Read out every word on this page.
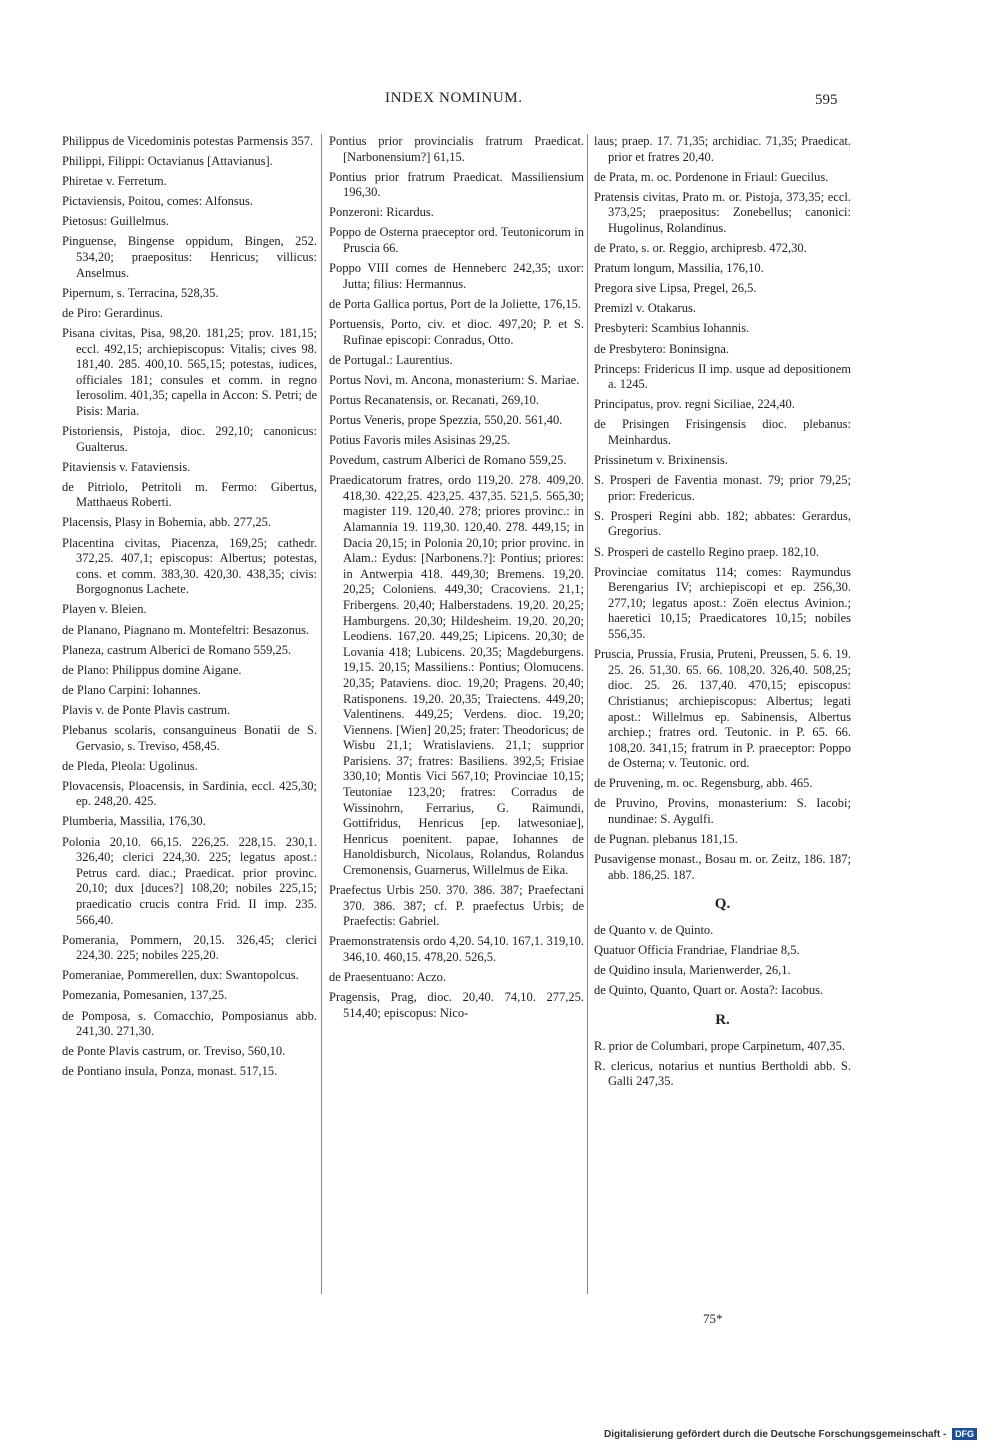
INDEX NOMINUM.	595
Philippus de Vicedominis potestas Parmensis 357.
Philippi, Filippi: Octavianus [Attavianus].
Phiretae v. Ferretum.
Pictaviensis, Poitou, comes: Alfonsus.
Pietosus: Guillelmus.
Pinguense, Bingense oppidum, Bingen, 252. 534,20; praepositus: Henricus; villicus: Anselmus.
Pipernum, s. Terracina, 528,35.
de Piro: Gerardinus.
Pisana civitas, Pisa, 98,20. 181,25; prov. 181,15; eccl. 492,15; archiepiscopus: Vitalis; cives 98. 181,40. 285. 400,10. 565,15; potestas, iudices, officiales 181; consules et comm. in regno Ierosolim. 401,35; capella in Accon: S. Petri; de Pisis: Maria.
Pistoriensis, Pistoja, dioc. 292,10; canonicus: Gualterus.
Pitaviensis v. Fataviensis.
de Pitriolo, Petritoli m. Fermo: Gibertus, Matthaeus Roberti.
Placensis, Plasy in Bohemia, abb. 277,25.
Placentina civitas, Piacenza, 169,25; cathedr. 372,25. 407,1; episcopus: Albertus; potestas, cons. et comm. 383,30. 420,30. 438,35; civis: Borgognonus Lachete.
Playen v. Bleien.
de Planano, Piagnano m. Montefeltri: Besazonus.
Planeza, castrum Alberici de Romano 559,25.
de Plano: Philippus domine Aigane.
de Plano Carpini: Iohannes.
Plavis v. de Ponte Plavis castrum.
Plebanus scolaris, consanguineus Bonatii de S. Gervasio, s. Treviso, 458,45.
de Pleda, Pleola: Ugolinus.
Plovacensis, Ploacensis, in Sardinia, eccl. 425,30; ep. 248,20. 425.
Plumberia, Massilia, 176,30.
Polonia 20,10. 66,15. 226,25. 228,15. 230,1. 326,40; clerici 224,30. 225; legatus apost.: Petrus card. diac.; Praedicat. prior provinc. 20,10; dux [duces?] 108,20; nobiles 225,15; praedicatio crucis contra Frid. II imp. 235. 566,40.
Pomerania, Pommern, 20,15. 326,45; clerici 224,30. 225; nobiles 225,20.
Pomeraniae, Pommerellen, dux: Swantopolcus.
Pomezania, Pomesanien, 137,25.
de Pomposa, s. Comacchio, Pomposianus abb. 241,30. 271,30.
de Ponte Plavis castrum, or. Treviso, 560,10.
de Pontiano insula, Ponza, monast. 517,15.
Pontius prior provincialis fratrum Praedicat. [Narbonensium?] 61,15.
Pontius prior fratrum Praedicat. Massiliensium 196,30.
Ponzeroni: Ricardus.
Poppo de Osterna praeceptor ord. Teutonicorum in Pruscia 66.
Poppo VIII comes de Henneberc 242,35; uxor: Jutta; filius: Hermannus.
de Porta Gallica portus, Port de la Joliette, 176,15.
Portuensis, Porto, civ. et dioc. 497,20; P. et S. Rufinae episcopi: Conradus, Otto.
de Portugal.: Laurentius.
Portus Novi, m. Ancona, monasterium: S. Mariae.
Portus Recanatensis, or. Recanati, 269,10.
Portus Veneris, prope Spezzia, 550,20. 561,40.
Potius Favoris miles Asisinas 29,25.
Povedum, castrum Alberici de Romano 559,25.
Praedicatorum fratres, ordo 119,20. 278. 409,20. 418,30. 422,25. 423,25. 437,35. 521,5. 565,30; magister 119. 120,40. 278; priores provinc.: in Alamannia 19. 119,30. 120,40. 278. 449,15; in Dacia 20,15; in Polonia 20,10; prior provinc. in Alam.: Eydus: [Narbonens.?]: Pontius; priores: in Antwerpia 418. 449,30; Bremens. 19,20. 20,25; Coloniens. 449,30; Cracoviens. 21,1; Fribergens. 20,40; Halberstadens. 19,20. 20,25; Hamburgens. 20,30; Hildesheim. 19,20. 20,20; Leodiens. 167,20. 449,25; Lipicens. 20,30; de Lovania 418; Lubicens. 20,35; Magdeburgens. 19,15. 20,15; Massiliens.: Pontius; Olomucens. 20,35; Pataviens. dioc. 19,20; Pragens. 20,40; Ratisponens. 19,20. 20,35; Traiectens. 449,20; Valentinens. 449,25; Verdens. dioc. 19,20; Viennens. [Wien] 20,25; frater: Theodoricus; de Wisbu 21,1; Wratislaviens. 21,1; supprior Parisiens. 37; fratres: Basiliens. 392,5; Frisiae 330,10; Montis Vici 567,10; Provinciae 10,15; Teutoniae 123,20; fratres: Corradus de Wissinohrn, Ferrarius, G. Raimundi, Gottifridus, Henricus [ep. latwesoniae], Henricus poenitent. papae, Iohannes de Hanoldisburch, Nicolaus, Rolandus, Rolandus Cremonensis, Guarnerus, Willelmus de Eika.
Praefectus Urbis 250. 370. 386. 387; Praefectani 370. 386. 387; cf. P. praefectus Urbis; de Praefectis: Gabriel.
Praemonstratensis ordo 4,20. 54,10. 167,1. 319,10. 346,10. 460,15. 478,20. 526,5.
de Praesentuano: Aczo.
Pragensis, Prag, dioc. 20,40. 74,10. 277,25. 514,40; episcopus: Nico-
laus; praep. 17. 71,35; archidiac. 71,35; Praedicat. prior et fratres 20,40.
de Prata, m. oc. Pordenone in Friaul: Guecilus.
Pratensis civitas, Prato m. or. Pistoja, 373,35; eccl. 373,25; praepositus: Zonebellus; canonici: Hugolinus, Rolandinus.
de Prato, s. or. Reggio, archipresb. 472,30.
Pratum longum, Massilia, 176,10.
Pregora sive Lipsa, Pregel, 26,5.
Premizl v. Otakarus.
Presbyteri: Scambius Iohannis.
de Presbytero: Boninsigna.
Princeps: Fridericus II imp. usque ad depositionem a. 1245.
Principatus, prov. regni Siciliae, 224,40.
de Prisingen Frisingensis dioc. plebanus: Meinhardus.
Prissinetum v. Brixinensis.
S. Prosperi de Faventia monast. 79; prior 79,25; prior: Fredericus.
S. Prosperi Regini abb. 182; abbates: Gerardus, Gregorius.
S. Prosperi de castello Regino praep. 182,10.
Provinciae comitatus 114; comes: Raymundus Berengarius IV; archiepiscopi et ep. 256,30. 277,10; legatus apost.: Zoën electus Avinion.; haeretici 10,15; Praedicatores 10,15; nobiles 556,35.
Pruscia, Prussia, Frusia, Pruteni, Preussen, 5. 6. 19. 25. 26. 51,30. 65. 66. 108,20. 326,40. 508,25; dioc. 25. 26. 137,40. 470,15; episcopus: Christianus; archiepiscopus: Albertus; legati apost.: Willelmus ep. Sabinensis, Albertus archiep.; fratres ord. Teutonic. in P. 65. 66. 108,20. 341,15; fratrum in P. praeceptor: Poppo de Osterna; v. Teutonic. ord.
de Pruvening, m. oc. Regensburg, abb. 465.
de Pruvino, Provins, monasterium: S. Iacobi; nundinae: S. Aygulfi.
de Pugnan. plebanus 181,15.
Pusavigense monast., Bosau m. or. Zeitz, 186. 187; abb. 186,25. 187.
Q.
de Quanto v. de Quinto.
Quatuor Officia Frandriae, Flandriae 8,5.
de Quidino insula, Marienwerder, 26,1.
de Quinto, Quanto, Quart or. Aosta?: Iacobus.
R.
R. prior de Columbari, prope Carpinetum, 407,35.
R. clericus, notarius et nuntius Bertholdi abb. S. Galli 247,35.
75*
Digitalisierung gefördert durch die Deutsche Forschungsgemeinschaft - DFG
